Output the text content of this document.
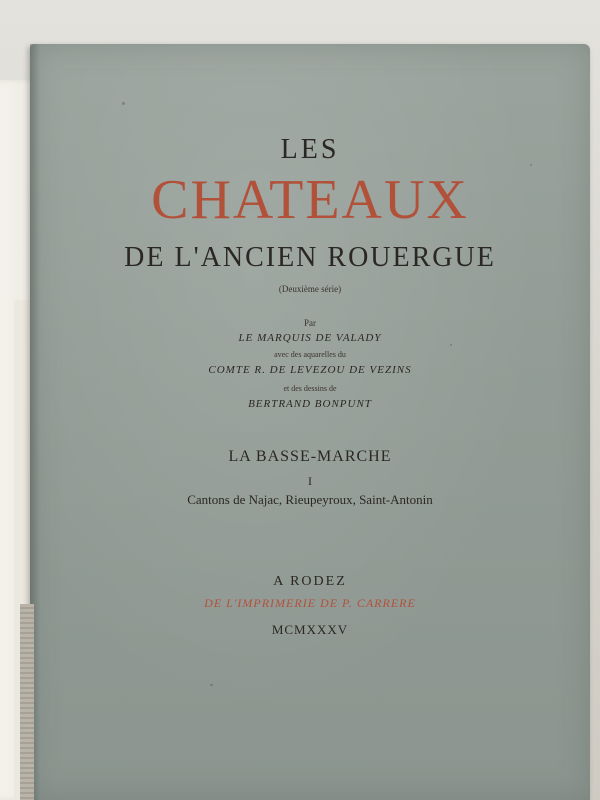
LES
CHATEAUX
DE L'ANCIEN ROUERGUE
(Deuxième série)
Par
LE MARQUIS DE VALADY
avec des aquarelles du
COMTE R. DE LEVEZOU DE VEZINS
et des dessins de
BERTRAND BONPUNT
LA BASSE-MARCHE
I
Cantons de Najac, Rieupeyroux, Saint-Antonin
A RODEZ
DE L'IMPRIMERIE DE P. CARRERE
MCMXXXV
